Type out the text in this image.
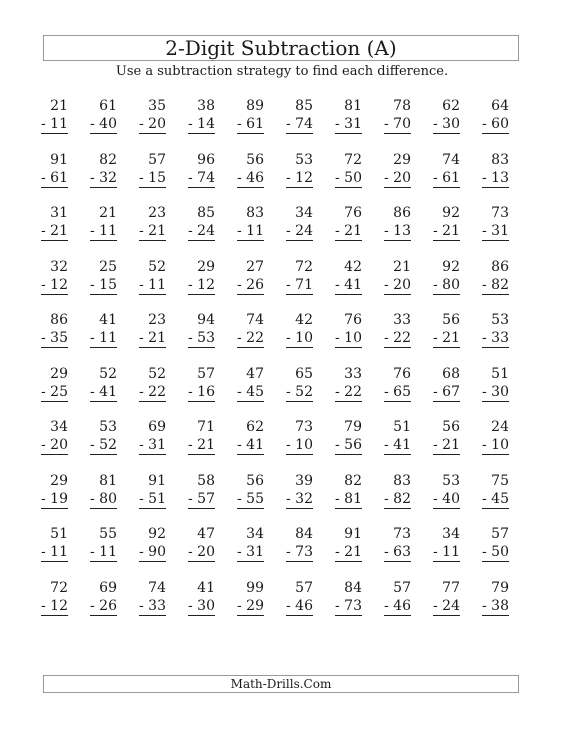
2-Digit Subtraction (A)
Use a subtraction strategy to find each difference.
21
- 11
61
- 40
35
- 20
38
- 14
89
- 61
85
- 74
81
- 31
78
- 70
62
- 30
64
- 60
91
- 61
82
- 32
57
- 15
96
- 74
56
- 46
53
- 12
72
- 50
29
- 20
74
- 61
83
- 13
31
- 21
21
- 11
23
- 21
85
- 24
83
- 11
34
- 24
76
- 21
86
- 13
92
- 21
73
- 31
32
- 12
25
- 15
52
- 11
29
- 12
27
- 26
72
- 71
42
- 41
21
- 20
92
- 80
86
- 82
86
- 35
41
- 11
23
- 21
94
- 53
74
- 22
42
- 10
76
- 10
33
- 22
56
- 21
53
- 33
29
- 25
52
- 41
52
- 22
57
- 16
47
- 45
65
- 52
33
- 22
76
- 65
68
- 67
51
- 30
34
- 20
53
- 52
69
- 31
71
- 21
62
- 41
73
- 10
79
- 56
51
- 41
56
- 21
24
- 10
29
- 19
81
- 80
91
- 51
58
- 57
56
- 55
39
- 32
82
- 81
83
- 82
53
- 40
75
- 45
51
- 11
55
- 11
92
- 90
47
- 20
34
- 31
84
- 73
91
- 21
73
- 63
34
- 11
57
- 50
72
- 12
69
- 26
74
- 33
41
- 30
99
- 29
57
- 46
84
- 73
57
- 46
77
- 24
79
- 38
Math-Drills.Com
